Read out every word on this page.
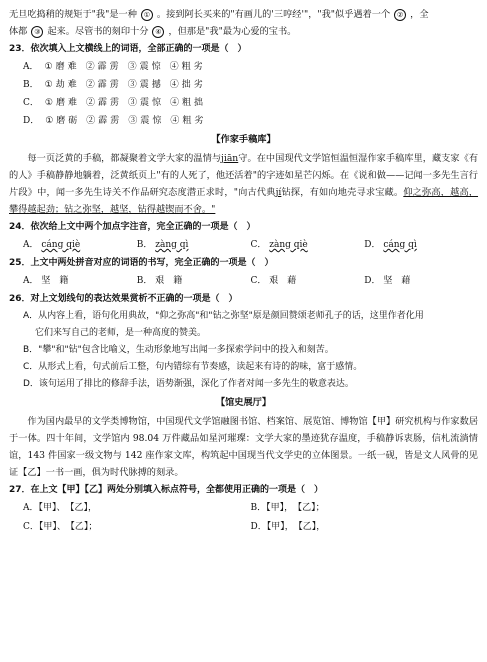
无旦吃捣稍的规矩于"我"是一种 ① 。接到阿长买来的"有画儿的'三哼经'"，"我"似乎遇着一个 ② ，全
体都 ③ 起来。尽管书的刻印十分 ④ ，但那是"我"最为心爱的宝书。

23．依次填入上文横线上的词语，全部正确的一项是（　）

A． ①磨难 ②霹雳 ③震惊 ④粗劣
B． ①劫难 ②霹雳 ③震撼 ④拙劣
C． ①磨难 ②霹雳 ③震惊 ④粗拙
D． ①磨砺 ②霹雳 ③震惊 ④粗劣

【作家手稿库】

每一页泛黄的手稿，都凝聚着文学大家的温情与jiān守。在中国现代文学馆恒温恒湿作家手稿库里，藏支家《有的人》手稿静静地躺着，泛黄纸页上"有的人死了，他还活着"的字迹如星芒闪烁。在《说和做——记闻一多先生言行片段》中，闻一多先生诗关不作品研究态度潜正求时，"向古代典jí钻探，有如向地壳寻求宝藏。仰之弥高，越高，攀得越起劲；钻之弥坚，越坚，钻得越锲而不舍。"

24．依次给上文中两个加点字注音，完全正确的一项是（　）

A． cáng qiè	B． zàng qì	C． zàng qiè	D． cáng qì

25．上文中两处拼音对应的词语的书写，完全正确的一项是（　）

A． 坚　籍	B． 艰　籍	C． 艰　藉	D． 坚　藉

26．对上文划线句的表达效果赏析不正确的一项是（　）

A．从内容上看，语句化用典故，"仰之弥高"和"钻之弥坚"原是颜回赞颂老师孔子的话，这里作者化用
它们来写自己的老师，是一种高度的赞美。
B．"攀"和"钻"包含比喻义，生动形象地写出闻一多探索学问中的投入和刻苦。
C．从形式上看，句式前后工整，句内错综有节奏感，读起来有诗的韵味，富于感情。
D．该句运用了排比的修辞手法，语势渐强，深化了作者对闻一多先生的敬意表达。

【馆史展厅】

作为国内最早的文学类博物馆，中国现代文学馆融图书馆、档案馆、展览馆、博物馆【甲】研究机构与作家数居于一体。四十年间，文学馆内 98.04 万件藏品如星河璀璨：文学大家的墨迹犹存温度，手稿静诉衷肠，信札流淌情谊，143 件国家一级文物与 142 座作家文库，构筑起中国现当代文学史的立体图景。一纸一砚，皆是文人风骨的见证【乙】一书一画，俱为时代脉搏的刻录。

27．在上文【甲】【乙】两处分别填入标点符号，全都使用正确的一项是（　）

A．【甲】、　【乙】，	B．【甲】，　【乙】；
C．【甲】、　【乙】；	D．【甲】，　【乙】，
